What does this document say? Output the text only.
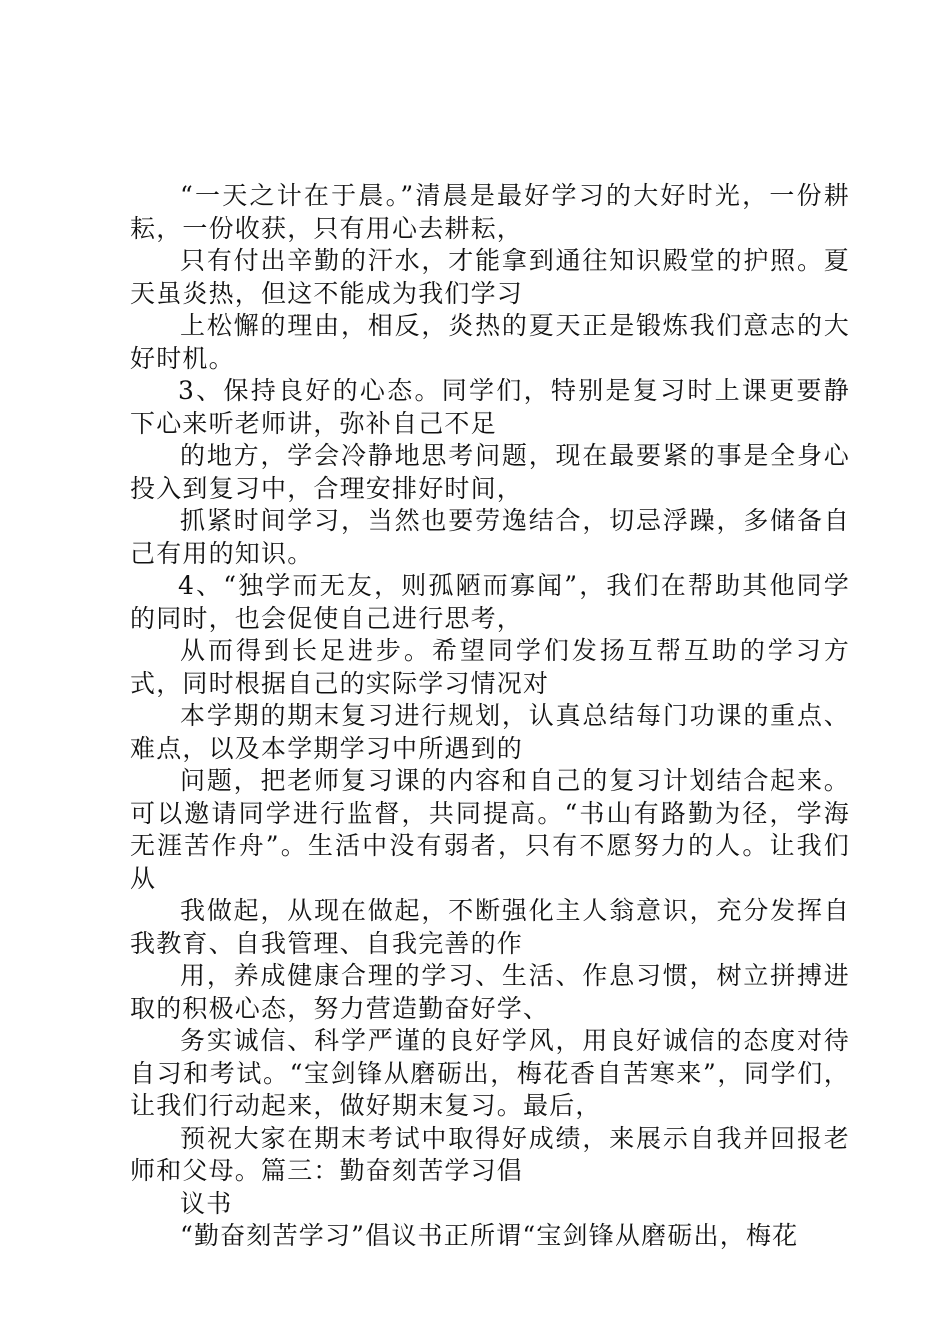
“一天之计在于晨。”清晨是最好学习的大好时光，一份耕耘，一份收获，只有用心去耕耘，

只有付出辛勤的汗水，才能拿到通往知识殿堂的护照。夏天虽炎热，但这不能成为我们学习

上松懈的理由，相反，炎热的夏天正是锻炼我们意志的大好时机。

3、保持良好的心态。同学们，特别是复习时上课更要静下心来听老师讲，弥补自己不足

的地方，学会冷静地思考问题，现在最要紧的事是全身心投入到复习中，合理安排好时间，

抓紧时间学习，当然也要劳逸结合，切忌浮躁，多储备自己有用的知识。

4、“独学而无友，则孤陋而寡闻”，我们在帮助其他同学的同时，也会促使自己进行思考，

从而得到长足进步。希望同学们发扬互帮互助的学习方式，同时根据自己的实际学习情况对

本学期的期末复习进行规划，认真总结每门功课的重点、难点，以及本学期学习中所遇到的

问题，把老师复习课的内容和自己的复习计划结合起来。可以邀请同学进行监督，共同提高。“书山有路勤为径，学海无涯苦作舟”。生活中没有弱者，只有不愿努力的人。让我们从

我做起，从现在做起，不断强化主人翁意识，充分发挥自我教育、自我管理、自我完善的作

用，养成健康合理的学习、生活、作息习惯，树立拼搏进取的积极心态，努力营造勤奋好学、

务实诚信、科学严谨的良好学风，用良好诚信的态度对待自习和考试。“宝剑锋从磨砺出，梅花香自苦寒来”，同学们，让我们行动起来，做好期末复习。最后，

预祝大家在期末考试中取得好成绩，来展示自我并回报老师和父母。篇三：勤奋刻苦学习倡

议书

“勤奋刻苦学习”倡议书正所谓“宝剑锋从磨砺出，梅花
